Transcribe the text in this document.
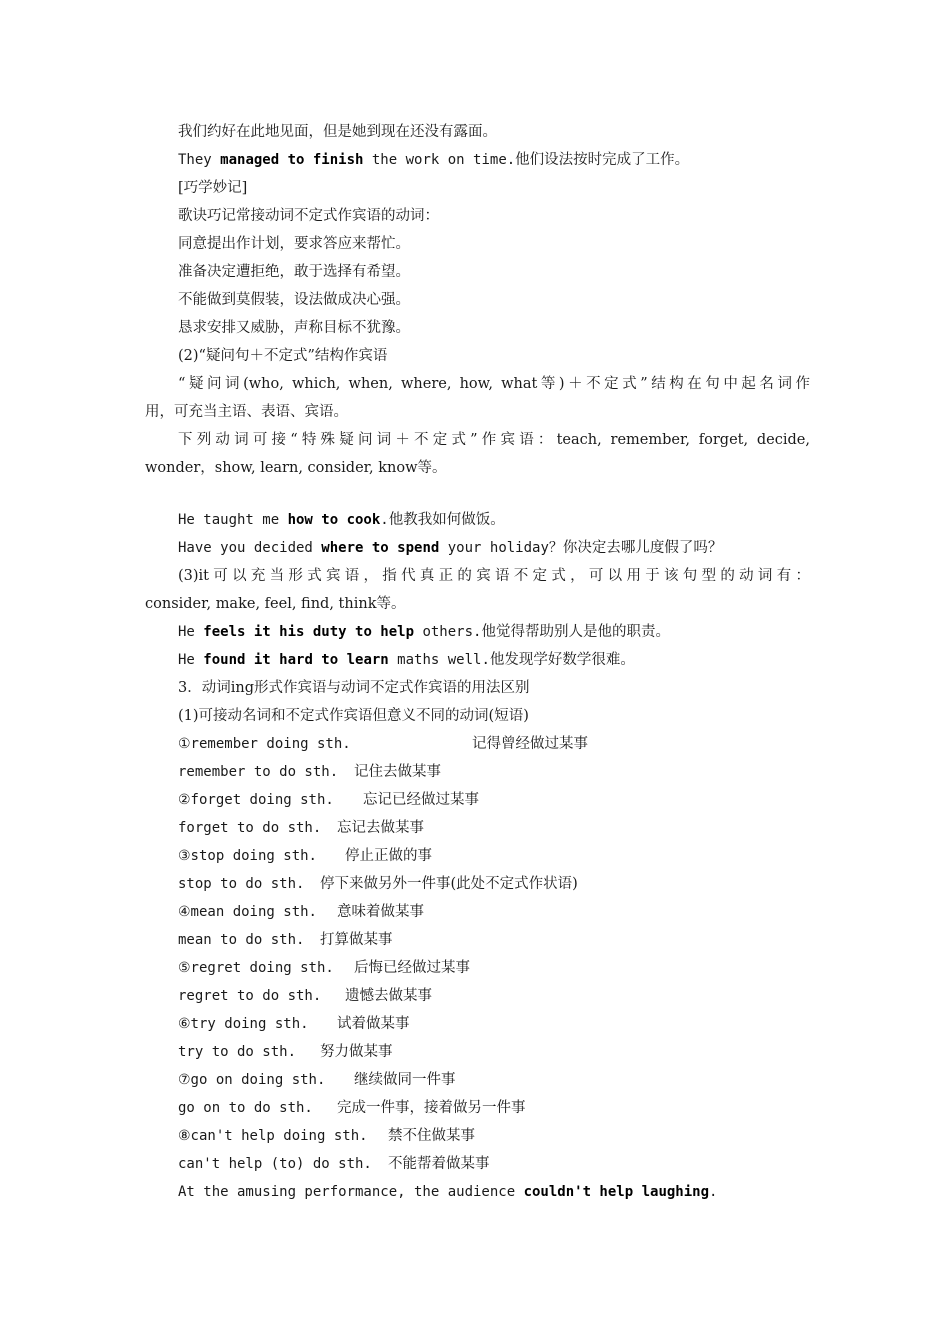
我们约好在此地见面，但是她到现在还没有露面。
They managed to finish the work on time.他们设法按时完成了工作。
[巧学妙记]
歌诀巧记常接动词不定式作宾语的动词：
同意提出作计划，要求答应来帮忙。
准备决定遭拒绝，敢于选择有希望。
不能做到莫假装，设法做成决心强。
恳求安排又威胁，声称目标不犹豫。
(2)“疑问句＋不定式”结构作宾语
“疑问词(who, which, when, where, how, what等)＋不定式”结构在句中起名词作
用，可充当主语、表语、宾语。
下列动词可接“特殊疑问词＋不定式”作宾语：teach, remember, forget, decide,
wonder，show, learn, consider, know等。
He taught me how to cook.他教我如何做饭。
Have you decided where to spend your holiday？你决定去哪儿度假了吗？
(3)it可以充当形式宾语，指代真正的宾语不定式，可以用于该句型的动词有：
consider, make, feel, find, think等。
He feels it his duty to help others.他觉得帮助别人是他的职责。
He found it hard to learn maths well.他发现学好数学很难。
3．动词ing形式作宾语与动词不定式作宾语的用法区别
(1)可接动名词和不定式作宾语但意义不同的动词(短语)
①remember doing sth.	记得曾经做过某事
remember to do sth. 记住去做某事
②forget doing sth. 忘记已经做过某事
forget to do sth. 忘记去做某事
③stop doing sth. 停止正做的事
stop to do sth. 停下来做另外一件事(此处不定式作状语)
④mean doing sth. 意味着做某事
mean to do sth. 打算做某事
⑤regret doing sth. 后悔已经做过某事
regret to do sth. 遗憾去做某事
⑥try doing sth. 试着做某事
try to do sth. 努力做某事
⑦go on doing sth. 继续做同一件事
go on to do sth. 完成一件事，接着做另一件事
⑧can't help doing sth. 禁不住做某事
can't help (to) do sth. 不能帮着做某事
At the amusing performance, the audience couldn't help laughing.
